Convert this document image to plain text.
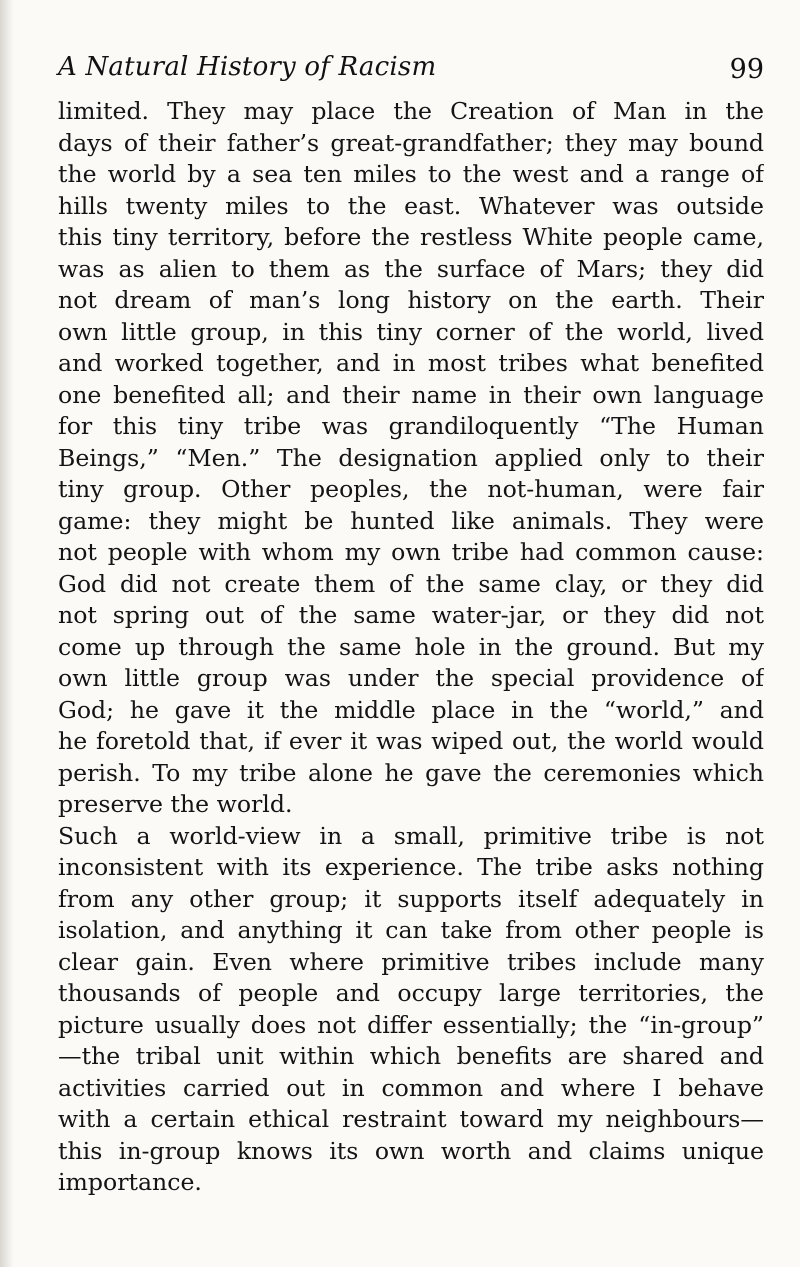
A Natural History of Racism	99
limited. They may place the Creation of Man in the
days of their father’s great-grandfather; they may bound
the world by a sea ten miles to the west and a range of
hills twenty miles to the east. Whatever was outside
this tiny territory, before the restless White people came,
was as alien to them as the surface of Mars; they did
not dream of man’s long history on the earth. Their
own little group, in this tiny corner of the world, lived
and worked together, and in most tribes what benefited
one benefited all; and their name in their own language
for this tiny tribe was grandiloquently “The Human
Beings,” “Men.” The designation applied only to their
tiny group. Other peoples, the not-human, were fair
game: they might be hunted like animals. They were
not people with whom my own tribe had common cause:
God did not create them of the same clay, or they did
not spring out of the same water-jar, or they did not
come up through the same hole in the ground. But my
own little group was under the special providence of
God; he gave it the middle place in the “world,” and
he foretold that, if ever it was wiped out, the world would
perish. To my tribe alone he gave the ceremonies which
preserve the world.
Such a world-view in a small, primitive tribe is not
inconsistent with its experience. The tribe asks nothing
from any other group; it supports itself adequately in
isolation, and anything it can take from other people is
clear gain. Even where primitive tribes include many
thousands of people and occupy large territories, the
picture usually does not differ essentially; the “in-group”
—the tribal unit within which benefits are shared and
activities carried out in common and where I behave
with a certain ethical restraint toward my neighbours—
this in-group knows its own worth and claims unique
importance.
